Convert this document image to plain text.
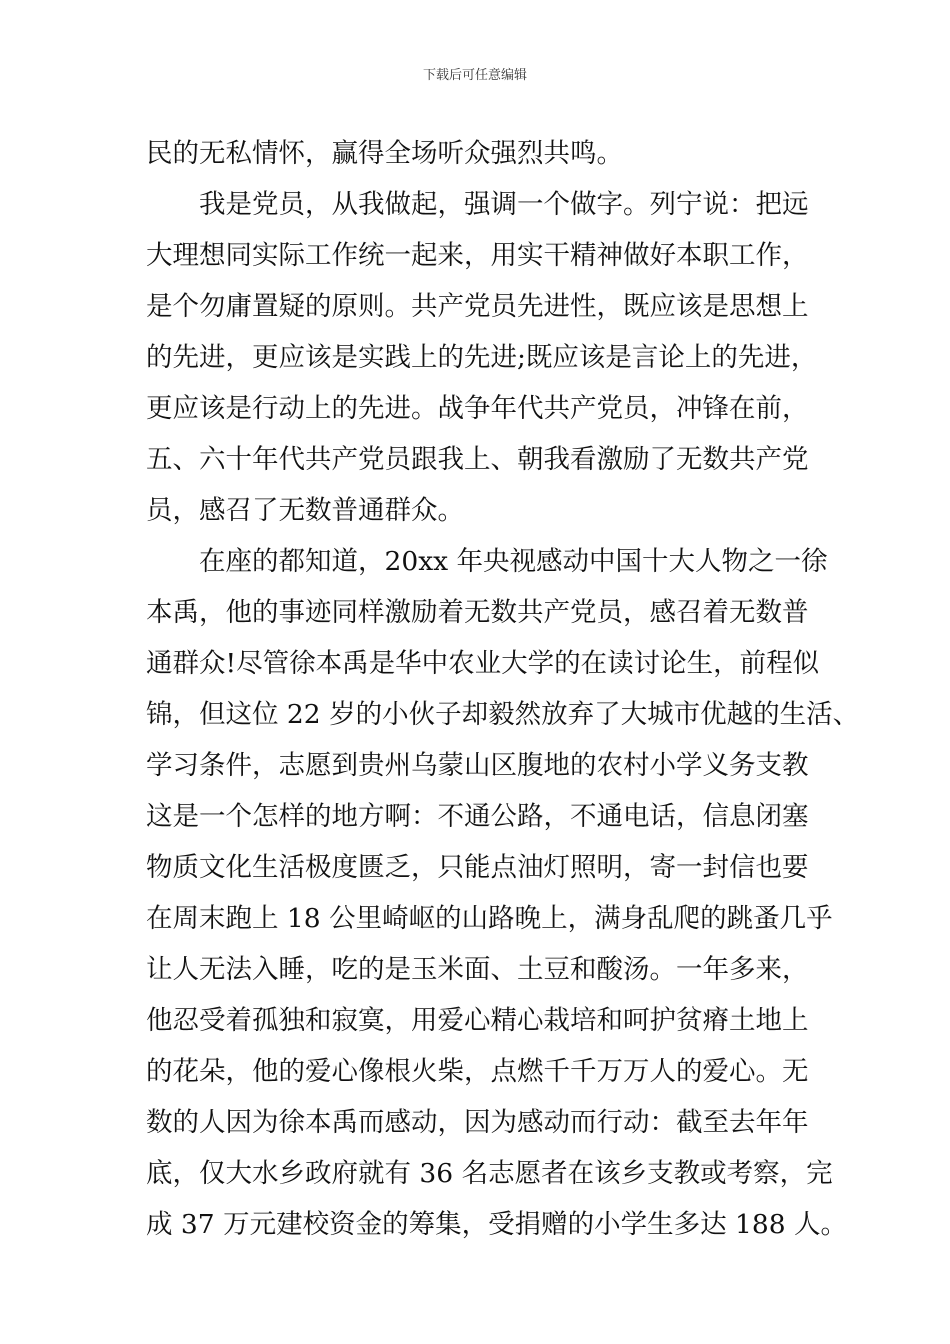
下载后可任意编辑
民的无私情怀，赢得全场听众强烈共鸣。
我是党员，从我做起，强调一个做字。列宁说：把远
大理想同实际工作统一起来，用实干精神做好本职工作，
是个勿庸置疑的原则。共产党员先进性，既应该是思想上
的先进，更应该是实践上的先进;既应该是言论上的先进，
更应该是行动上的先进。战争年代共产党员，冲锋在前，
五、六十年代共产党员跟我上、朝我看激励了无数共产党
员，感召了无数普通群众。
在座的都知道，20xx 年央视感动中国十大人物之一徐
本禹，他的事迹同样激励着无数共产党员，感召着无数普
通群众!尽管徐本禹是华中农业大学的在读讨论生，前程似
锦，但这位 22 岁的小伙子却毅然放弃了大城市优越的生活、
学习条件，志愿到贵州乌蒙山区腹地的农村小学义务支教
这是一个怎样的地方啊：不通公路，不通电话，信息闭塞
物质文化生活极度匮乏，只能点油灯照明，寄一封信也要
在周末跑上 18 公里崎岖的山路晚上，满身乱爬的跳蚤几乎
让人无法入睡，吃的是玉米面、土豆和酸汤。一年多来，
他忍受着孤独和寂寞，用爱心精心栽培和呵护贫瘠土地上
的花朵，他的爱心像根火柴，点燃千千万万人的爱心。无
数的人因为徐本禹而感动，因为感动而行动：截至去年年
底，仅大水乡政府就有 36 名志愿者在该乡支教或考察，完
成 37 万元建校资金的筹集，受捐赠的小学生多达 188 人。
